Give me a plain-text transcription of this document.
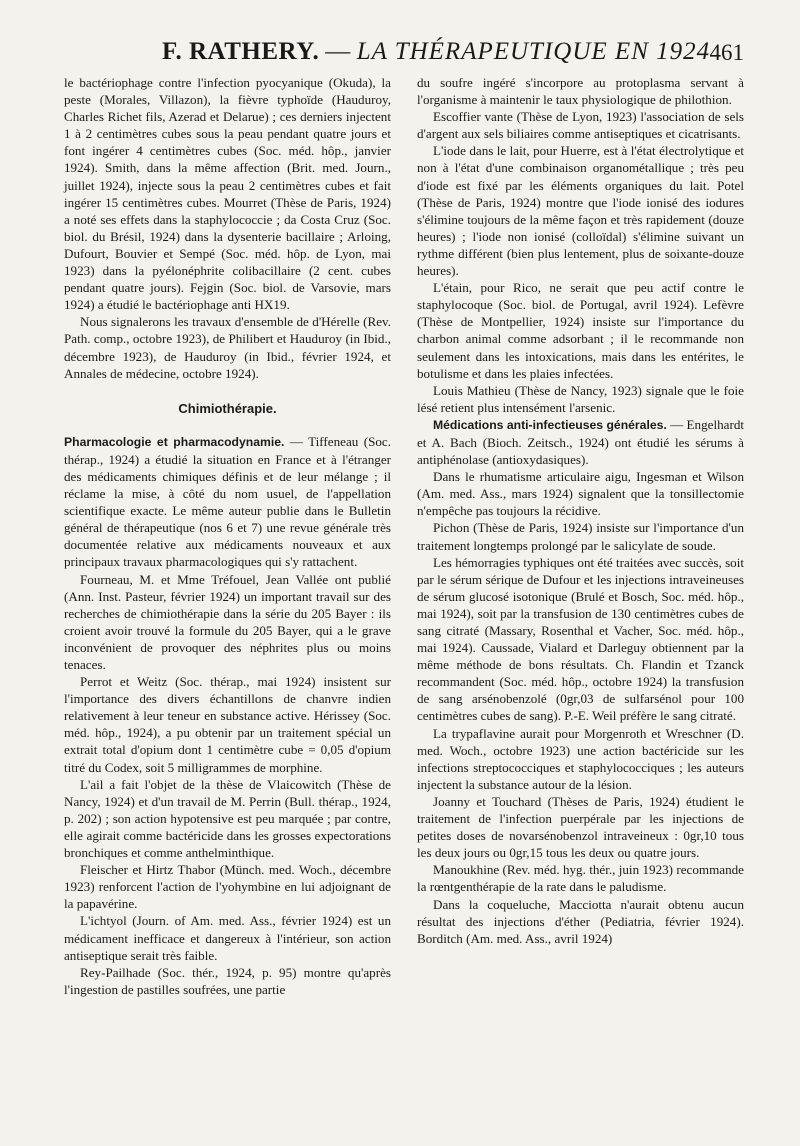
F. RATHERY. — LA THÉRAPEUTIQUE EN 1924 461

le bactériophage contre l'infection pyocyanique (Okuda), la peste (Morales, Villazon), la fièvre typhoïde (Hauduroy, Charles Richet fils, Azerad et Delarue) ; ces derniers injectent 1 à 2 centimètres cubes sous la peau pendant quatre jours et font ingérer 4 centimètres cubes (Soc. méd. hôp., janvier 1924). Smith, dans la même affection (Brit. med. Journ., juillet 1924), injecte sous la peau 2 centimètres cubes et fait ingérer 15 centimètres cubes. Mourret (Thèse de Paris, 1924) a noté ses effets dans la staphylococcie ; da Costa Cruz (Soc. biol. du Brésil, 1924) dans la dysenterie bacillaire ; Arloing, Dufourt, Bouvier et Sempé (Soc. méd. hôp. de Lyon, mai 1923) dans la pyélonéphrite colibacillaire (2 cent. cubes pendant quatre jours). Fejgin (Soc. biol. de Varsovie, mars 1924) a étudié le bactériophage anti HX19.

Nous signalerons les travaux d'ensemble de d'Hérelle (Rev. Path. comp., octobre 1923), de Philibert et Hauduroy (in Ibid., décembre 1923), de Hauduroy (in Ibid., février 1924, et Annales de médecine, octobre 1924).

Chimiothérapie.

Pharmacologie et pharmacodynamie. — Tiffeneau (Soc. thérap., 1924) a étudié la situation en France et à l'étranger des médicaments chimiques définis et de leur mélange ; il réclame la mise, à côté du nom usuel, de l'appellation scientifique exacte. Le même auteur publie dans le Bulletin général de thérapeutique (nos 6 et 7) une revue générale très documentée relative aux médicaments nouveaux et aux principaux travaux pharmacologiques qui s'y rattachent.

Fourneau, M. et Mme Tréfouel, Jean Vallée ont publié (Ann. Inst. Pasteur, février 1924) un important travail sur des recherches de chimiothérapie dans la série du 205 Bayer : ils croient avoir trouvé la formule du 205 Bayer, qui a le grave inconvénient de provoquer des néphrites plus ou moins tenaces.

Perrot et Weitz (Soc. thérap., mai 1924) insistent sur l'importance des divers échantillons de chanvre indien relativement à leur teneur en substance active. Hérissey (Soc. méd. hôp., 1924), a pu obtenir par un traitement spécial un extrait total d'opium dont 1 centimètre cube = 0,05 d'opium titré du Codex, soit 5 milligrammes de morphine.

L'ail a fait l'objet de la thèse de Vlaicowitch (Thèse de Nancy, 1924) et d'un travail de M. Perrin (Bull. thérap., 1924, p. 202) ; son action hypotensive est peu marquée ; par contre, elle agirait comme bactéricide dans les grosses expectorations bronchiques et comme anthelminthique.

Fleischer et Hirtz Thabor (Münch. med. Woch., décembre 1923) renforcent l'action de l'yohymbine en lui adjoignant de la papavérine.

L'ichtyol (Journ. of Am. med. Ass., février 1924) est un médicament inefficace et dangereux à l'intérieur, son action antiseptique serait très faible.

Rey-Pailhade (Soc. thér., 1924, p. 95) montre qu'après l'ingestion de pastilles soufrées, une partie

du soufre ingéré s'incorpore au protoplasma servant à l'organisme à maintenir le taux physiologique de philothion.

Escoffier vante (Thèse de Lyon, 1923) l'association de sels d'argent aux sels biliaires comme antiseptiques et cicatrisants.

L'iode dans le lait, pour Huerre, est à l'état électrolytique et non à l'état d'une combinaison organométallique ; très peu d'iode est fixé par les éléments organiques du lait. Potel (Thèse de Paris, 1924) montre que l'iode ionisé des iodures s'élimine toujours de la même façon et très rapidement (douze heures) ; l'iode non ionisé (colloïdal) s'élimine suivant un rythme différent (bien plus lentement, plus de soixante-douze heures).

L'étain, pour Rico, ne serait que peu actif contre le staphylocoque (Soc. biol. de Portugal, avril 1924). Lefèvre (Thèse de Montpellier, 1924) insiste sur l'importance du charbon animal comme adsorbant ; il le recommande non seulement dans les intoxications, mais dans les entérites, le botulisme et dans les plaies infectées.

Louis Mathieu (Thèse de Nancy, 1923) signale que le foie lésé retient plus intensément l'arsenic.

Médications anti-infectieuses générales. — Engelhardt et A. Bach (Bioch. Zeitsch., 1924) ont étudié les sérums à antiphénolase (antioxydasiques).

Dans le rhumatisme articulaire aigu, Ingesman et Wilson (Am. med. Ass., mars 1924) signalent que la tonsillectomie n'empêche pas toujours la récidive.

Pichon (Thèse de Paris, 1924) insiste sur l'importance d'un traitement longtemps prolongé par le salicylate de soude.

Les hémorragies typhiques ont été traitées avec succès, soit par le sérum sérique de Dufour et les injections intraveineuses de sérum glucosé isotonique (Brulé et Bosch, Soc. méd. hôp., mai 1924), soit par la transfusion de 130 centimètres cubes de sang citraté (Massary, Rosenthal et Vacher, Soc. méd. hôp., mai 1924). Caussade, Vialard et Darleguy obtiennent par la même méthode de bons résultats. Ch. Flandin et Tzanck recommandent (Soc. méd. hôp., octobre 1924) la transfusion de sang arsénobenzolé (0gr,03 de sulfarsénol pour 100 centimètres cubes de sang). P.-E. Weil préfère le sang citraté.

La trypaflavine aurait pour Morgenroth et Wreschner (D. med. Woch., octobre 1923) une action bactéricide sur les infections streptococciques et staphylococciques ; les auteurs injectent la substance autour de la lésion.

Joanny et Touchard (Thèses de Paris, 1924) étudient le traitement de l'infection puerpérale par les injections de petites doses de novarsénobenzol intraveineux : 0gr,10 tous les deux jours ou 0gr,15 tous les deux ou quatre jours.

Manoukhine (Rev. méd. hyg. thér., juin 1923) recommande la rœntgenthérapie de la rate dans le paludisme.

Dans la coqueluche, Macciotta n'aurait obtenu aucun résultat des injections d'éther (Pediatria, février 1924). Borditch (Am. med. Ass., avril 1924)
